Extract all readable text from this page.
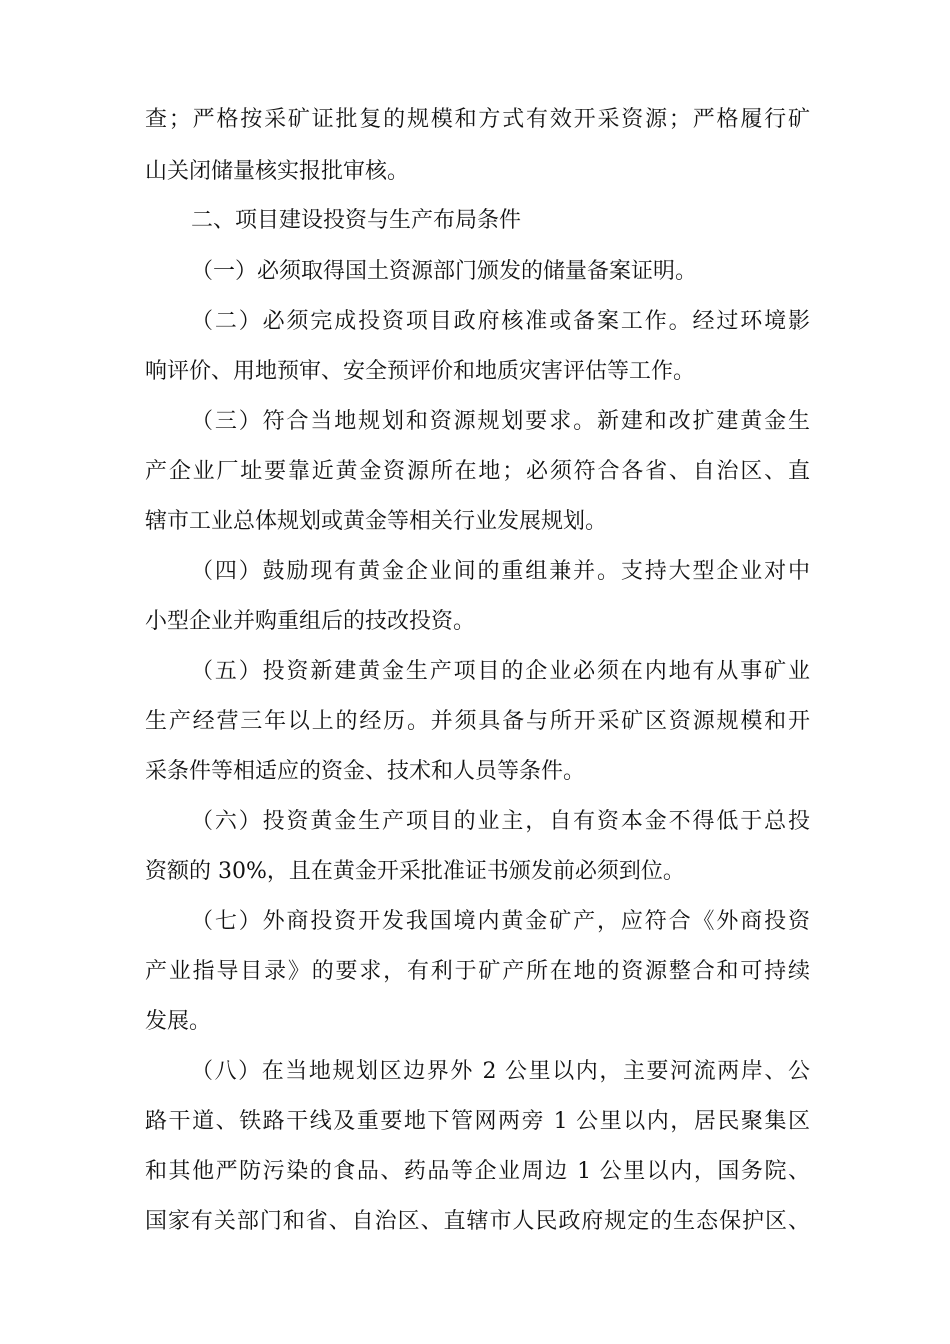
查；严格按采矿证批复的规模和方式有效开采资源；严格履行矿
山关闭储量核实报批审核。
二、项目建设投资与生产布局条件
（一）必须取得国土资源部门颁发的储量备案证明。
（二）必须完成投资项目政府核准或备案工作。经过环境影
响评价、用地预审、安全预评价和地质灾害评估等工作。
（三）符合当地规划和资源规划要求。新建和改扩建黄金生
产企业厂址要靠近黄金资源所在地；必须符合各省、自治区、直
辖市工业总体规划或黄金等相关行业发展规划。
（四）鼓励现有黄金企业间的重组兼并。支持大型企业对中
小型企业并购重组后的技改投资。
（五）投资新建黄金生产项目的企业必须在内地有从事矿业
生产经营三年以上的经历。并须具备与所开采矿区资源规模和开
采条件等相适应的资金、技术和人员等条件。
（六）投资黄金生产项目的业主，自有资本金不得低于总投
资额的 30%，且在黄金开采批准证书颁发前必须到位。
（七）外商投资开发我国境内黄金矿产，应符合《外商投资
产业指导目录》的要求，有利于矿产所在地的资源整合和可持续
发展。
（八）在当地规划区边界外 2 公里以内，主要河流两岸、公
路干道、铁路干线及重要地下管网两旁 1 公里以内，居民聚集区
和其他严防污染的食品、药品等企业周边 1 公里以内，国务院、
国家有关部门和省、自治区、直辖市人民政府规定的生态保护区、
